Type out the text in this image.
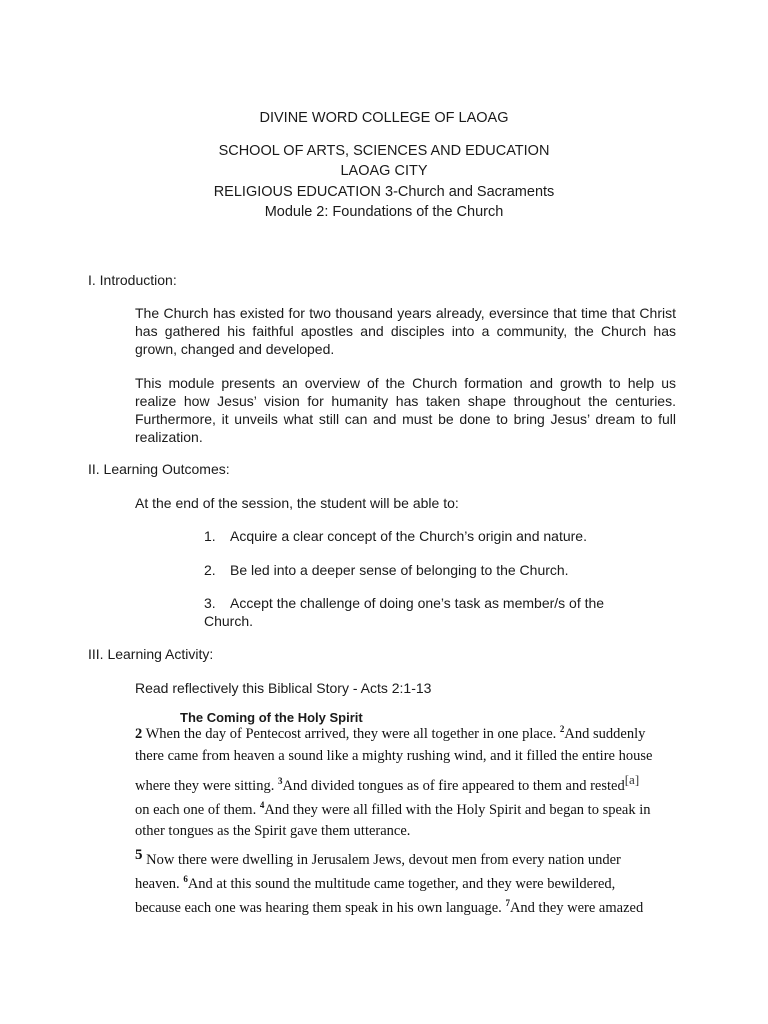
DIVINE WORD COLLEGE OF LAOAG
SCHOOL OF ARTS, SCIENCES AND EDUCATION
LAOAG CITY
RELIGIOUS EDUCATION 3-Church and Sacraments
Module 2: Foundations of the Church
I. Introduction:
The Church has existed for two thousand years already, eversince that time that Christ has gathered his faithful apostles and disciples into a community, the Church has grown, changed and developed.
This module presents an overview of the Church formation and growth to help us realize how Jesus’ vision for humanity has taken shape throughout the centuries. Furthermore, it unveils what still can and must be done to bring Jesus’ dream to full realization.
II. Learning Outcomes:
At the end of the session, the student will be able to:
1. Acquire a clear concept of the Church’s origin and nature.
2. Be led into a deeper sense of belonging to the Church.
3. Accept the challenge of doing one’s task as member/s of the
Church.
III. Learning Activity:
Read reflectively this Biblical Story - Acts 2:1-13
The Coming of the Holy Spirit
2 When the day of Pentecost arrived, they were all together in one place. $^2$And suddenly
there came from heaven a sound like a mighty rushing wind, and it filled the entire house
where they were sitting. $^3$And divided tongues as of fire appeared to them and rested[a]
on each one of them. $^4$And they were all filled with the Holy Spirit and began to speak in
other tongues as the Spirit gave them utterance.
5 Now there were dwelling in Jerusalem Jews, devout men from every nation under
heaven. $^6$And at this sound the multitude came together, and they were bewildered,
because each one was hearing them speak in his own language. $^7$And they were amazed
